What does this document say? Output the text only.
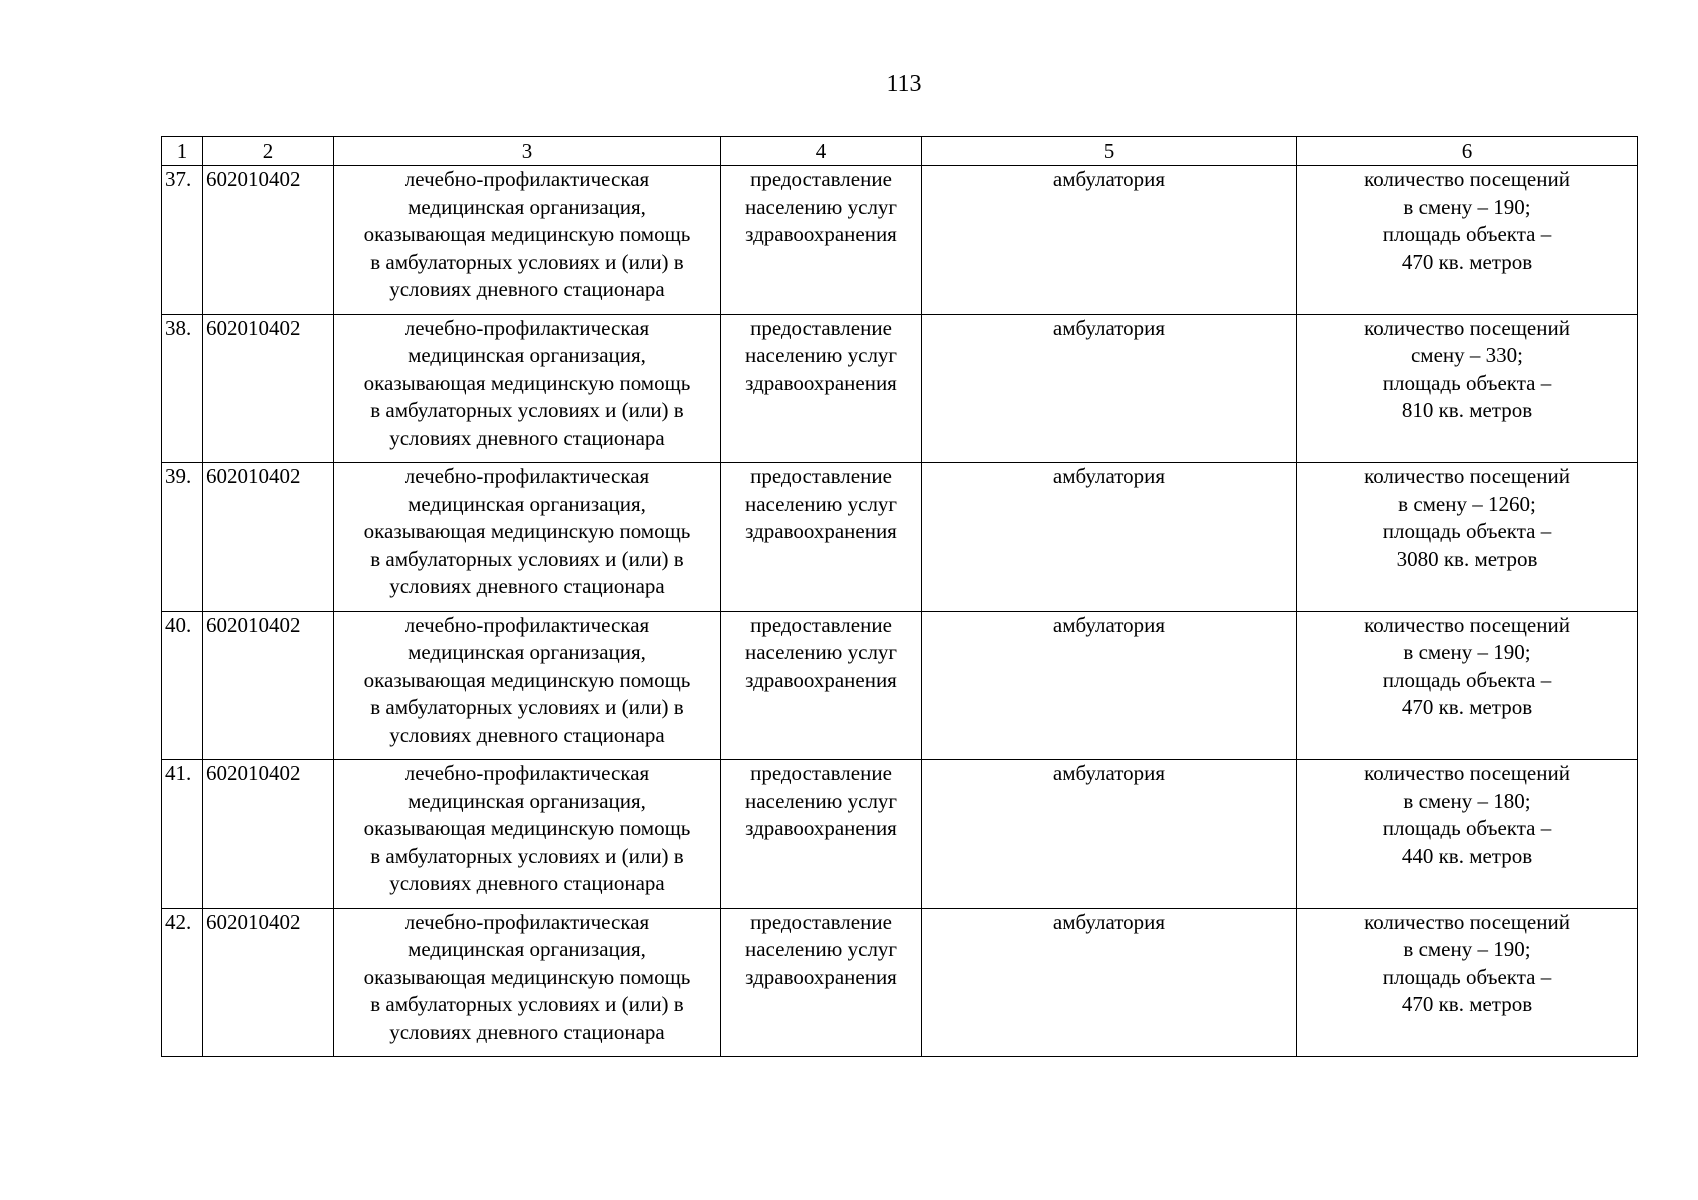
113
1	2	3	4	5	6
37.	602010402	лечебно-профилактическая
медицинская организация,
оказывающая медицинскую помощь
в амбулаторных условиях и (или) в
условиях дневного стационара	предоставление
населению услуг
здравоохранения	амбулатория	количество посещений
в смену – 190;
площадь объекта –
470 кв. метров

38.	602010402	лечебно-профилактическая
медицинская организация,
оказывающая медицинскую помощь
в амбулаторных условиях и (или) в
условиях дневного стационара	предоставление
населению услуг
здравоохранения	амбулатория	количество посещений
смену – 330;
площадь объекта –
810 кв. метров

39.	602010402	лечебно-профилактическая
медицинская организация,
оказывающая медицинскую помощь
в амбулаторных условиях и (или) в
условиях дневного стационара	предоставление
населению услуг
здравоохранения	амбулатория	количество посещений
в смену – 1260;
площадь объекта –
3080 кв. метров

40.	602010402	лечебно-профилактическая
медицинская организация,
оказывающая медицинскую помощь
в амбулаторных условиях и (или) в
условиях дневного стационара	предоставление
населению услуг
здравоохранения	амбулатория	количество посещений
в смену – 190;
площадь объекта –
470 кв. метров

41.	602010402	лечебно-профилактическая
медицинская организация,
оказывающая медицинскую помощь
в амбулаторных условиях и (или) в
условиях дневного стационара	предоставление
населению услуг
здравоохранения	амбулатория	количество посещений
в смену – 180;
площадь объекта –
440 кв. метров

42.	602010402	лечебно-профилактическая
медицинская организация,
оказывающая медицинскую помощь
в амбулаторных условиях и (или) в
условиях дневного стационара	предоставление
населению услуг
здравоохранения	амбулатория	количество посещений
в смену – 190;
площадь объекта –
470 кв. метров
